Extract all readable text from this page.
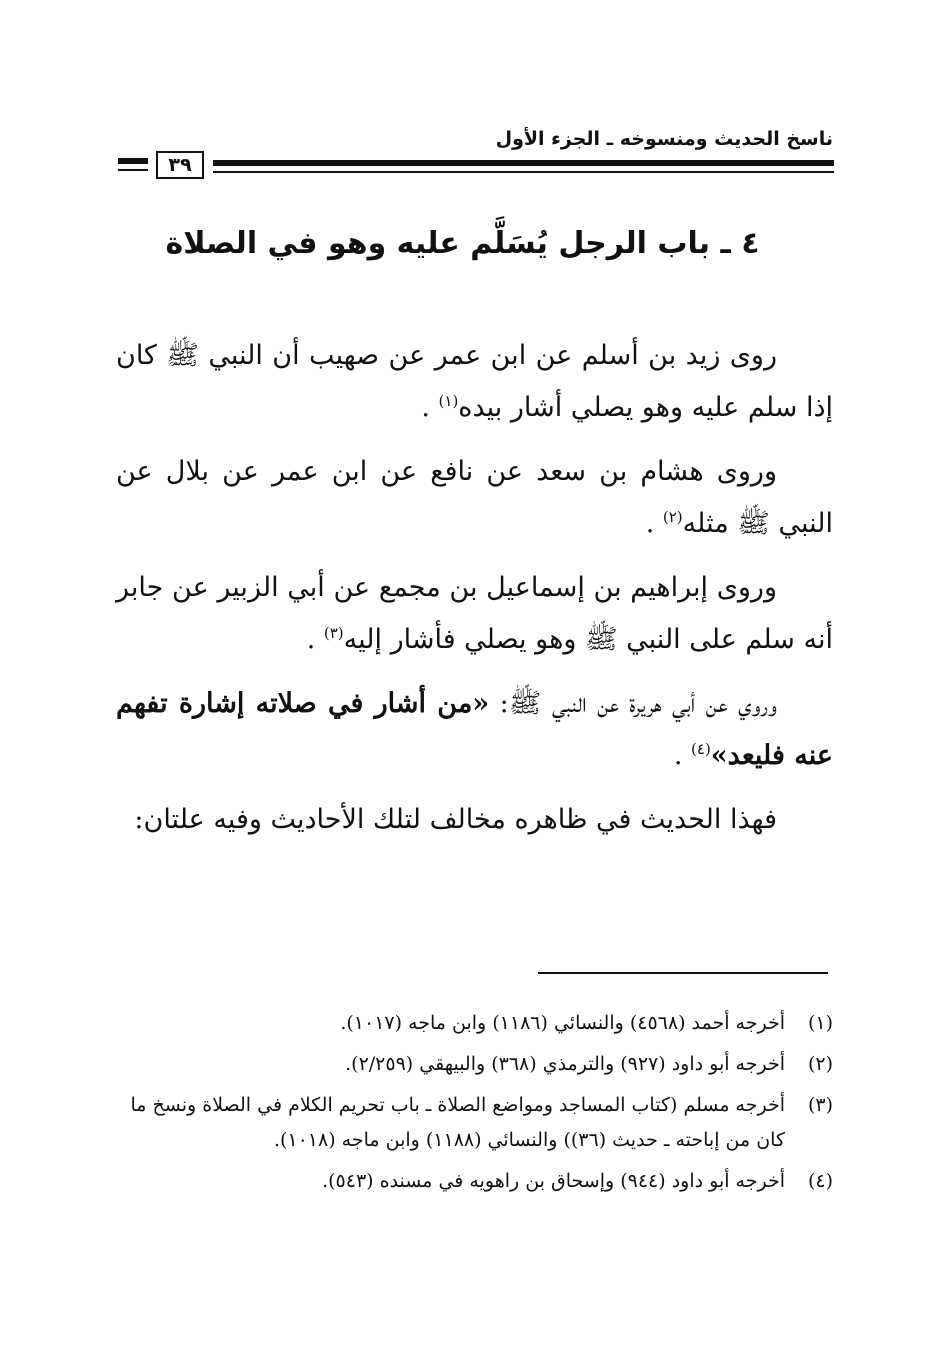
ناسخ الحديث ومنسوخه ـ الجزء الأول
٣٩
٤ ـ باب الرجل يُسَلَّم عليه وهو في الصلاة

روى زيد بن أسلم عن ابن عمر عن صهيب أن النبي ﷺ كان إذا سلم عليه وهو يصلي أشار بيده$^{(١)}$ .

وروى هشام بن سعد عن نافع عن ابن عمر عن بلال عن النبي ﷺ مثله$^{(٢)}$ .

وروى إبراهيم بن إسماعيل بن مجمع عن أبي الزبير عن جابر أنه سلم على النبي ﷺ وهو يصلي فأشار إليه$^{(٣)}$ .

وروي عن أبي هريرة عن النبي ﷺ: «من أشار في صلاته إشارة تفهم عنه فليعد»$^{(٤)}$ .

فهذا الحديث في ظاهره مخالف لتلك الأحاديث وفيه علتان:

(١)
أخرجه أحمد (٤٥٦٨) والنسائي (١١٨٦) وابن ماجه (١٠١٧).
(٢)
أخرجه أبو داود (٩٢٧) والترمذي (٣٦٨) والبيهقي (٢/٢٥٩).
(٣)
أخرجه مسلم (كتاب المساجد ومواضع الصلاة ـ باب تحريم الكلام في الصلاة ونسخ ما كان من إباحته ـ حديث (٣٦)) والنسائي (١١٨٨) وابن ماجه (١٠١٨).
(٤)
أخرجه أبو داود (٩٤٤) وإسحاق بن راهويه في مسنده (٥٤٣).
